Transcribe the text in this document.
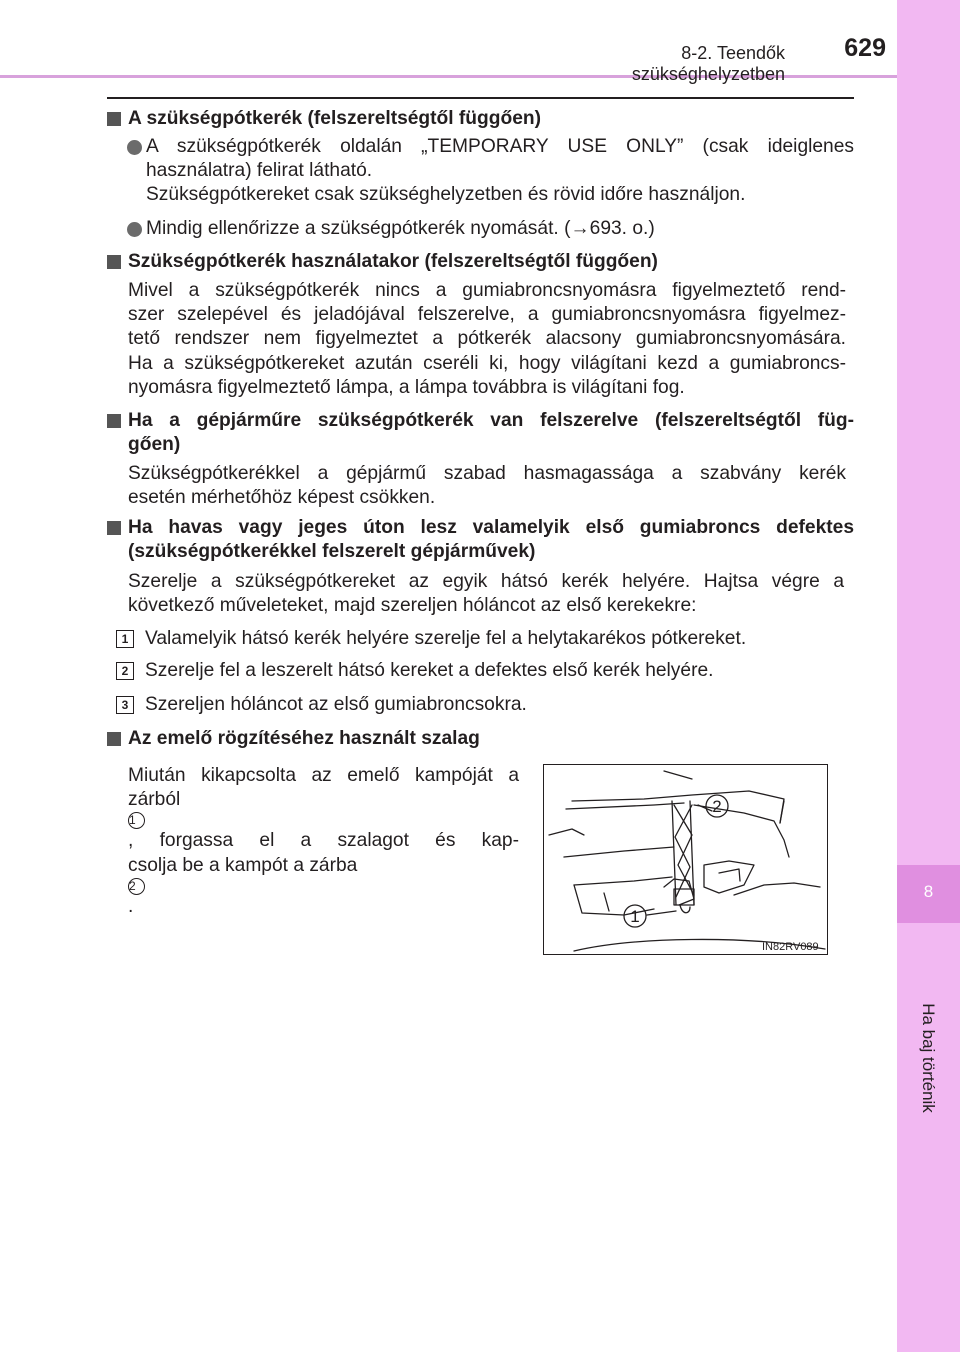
8
Ha baj történik
8-2. Teendők szükséghelyzetben
629
A szükségpótkerék (felszereltségtől függően)
A szükségpótkerék oldalán „TEMPORARY USE ONLY” (csak ideiglenes
használatra) felirat látható.
Szükségpótkereket csak szükséghelyzetben és rövid időre használjon.
Mindig ellenőrizze a szükségpótkerék nyomását. (→693. o.)
Szükségpótkerék használatakor (felszereltségtől függően)
Mivel a szükségpótkerék nincs a gumiabroncsnyomásra figyelmeztető rend-
szer szelepével és jeladójával felszerelve, a gumiabroncsnyomásra figyelmez-
tető rendszer nem figyelmeztet a pótkerék alacsony gumiabroncsnyomására.
Ha a szükségpótkereket azután cseréli ki, hogy világítani kezd a gumiabroncs-
nyomásra figyelmeztető lámpa, a lámpa továbbra is világítani fog.
Ha a gépjárműre szükségpótkerék van felszerelve (felszereltségtől füg-
gően)
Szükségpótkerékkel a gépjármű szabad hasmagassága a szabvány kerék
esetén mérhetőhöz képest csökken.
Ha havas vagy jeges úton lesz valamelyik első gumiabroncs defektes
(szükségpótkerékkel felszerelt gépjárművek)
Szerelje a szükségpótkereket az egyik hátsó kerék helyére. Hajtsa végre a
következő műveleteket, majd szereljen hóláncot az első kerekekre:
1 Valamelyik hátsó kerék helyére szerelje fel a helytakarékos pótkereket.
2 Szerelje fel a leszerelt hátsó kereket a defektes első kerék helyére.
3 Szereljen hóláncot az első gumiabroncsokra.
Az emelő rögzítéséhez használt szalag
Miután kikapcsolta az emelő kampóját a
zárból
1
, forgassa el a szalagot és kap-
csolja be a kampót a zárba
2
.
2
1
IN82RV089
